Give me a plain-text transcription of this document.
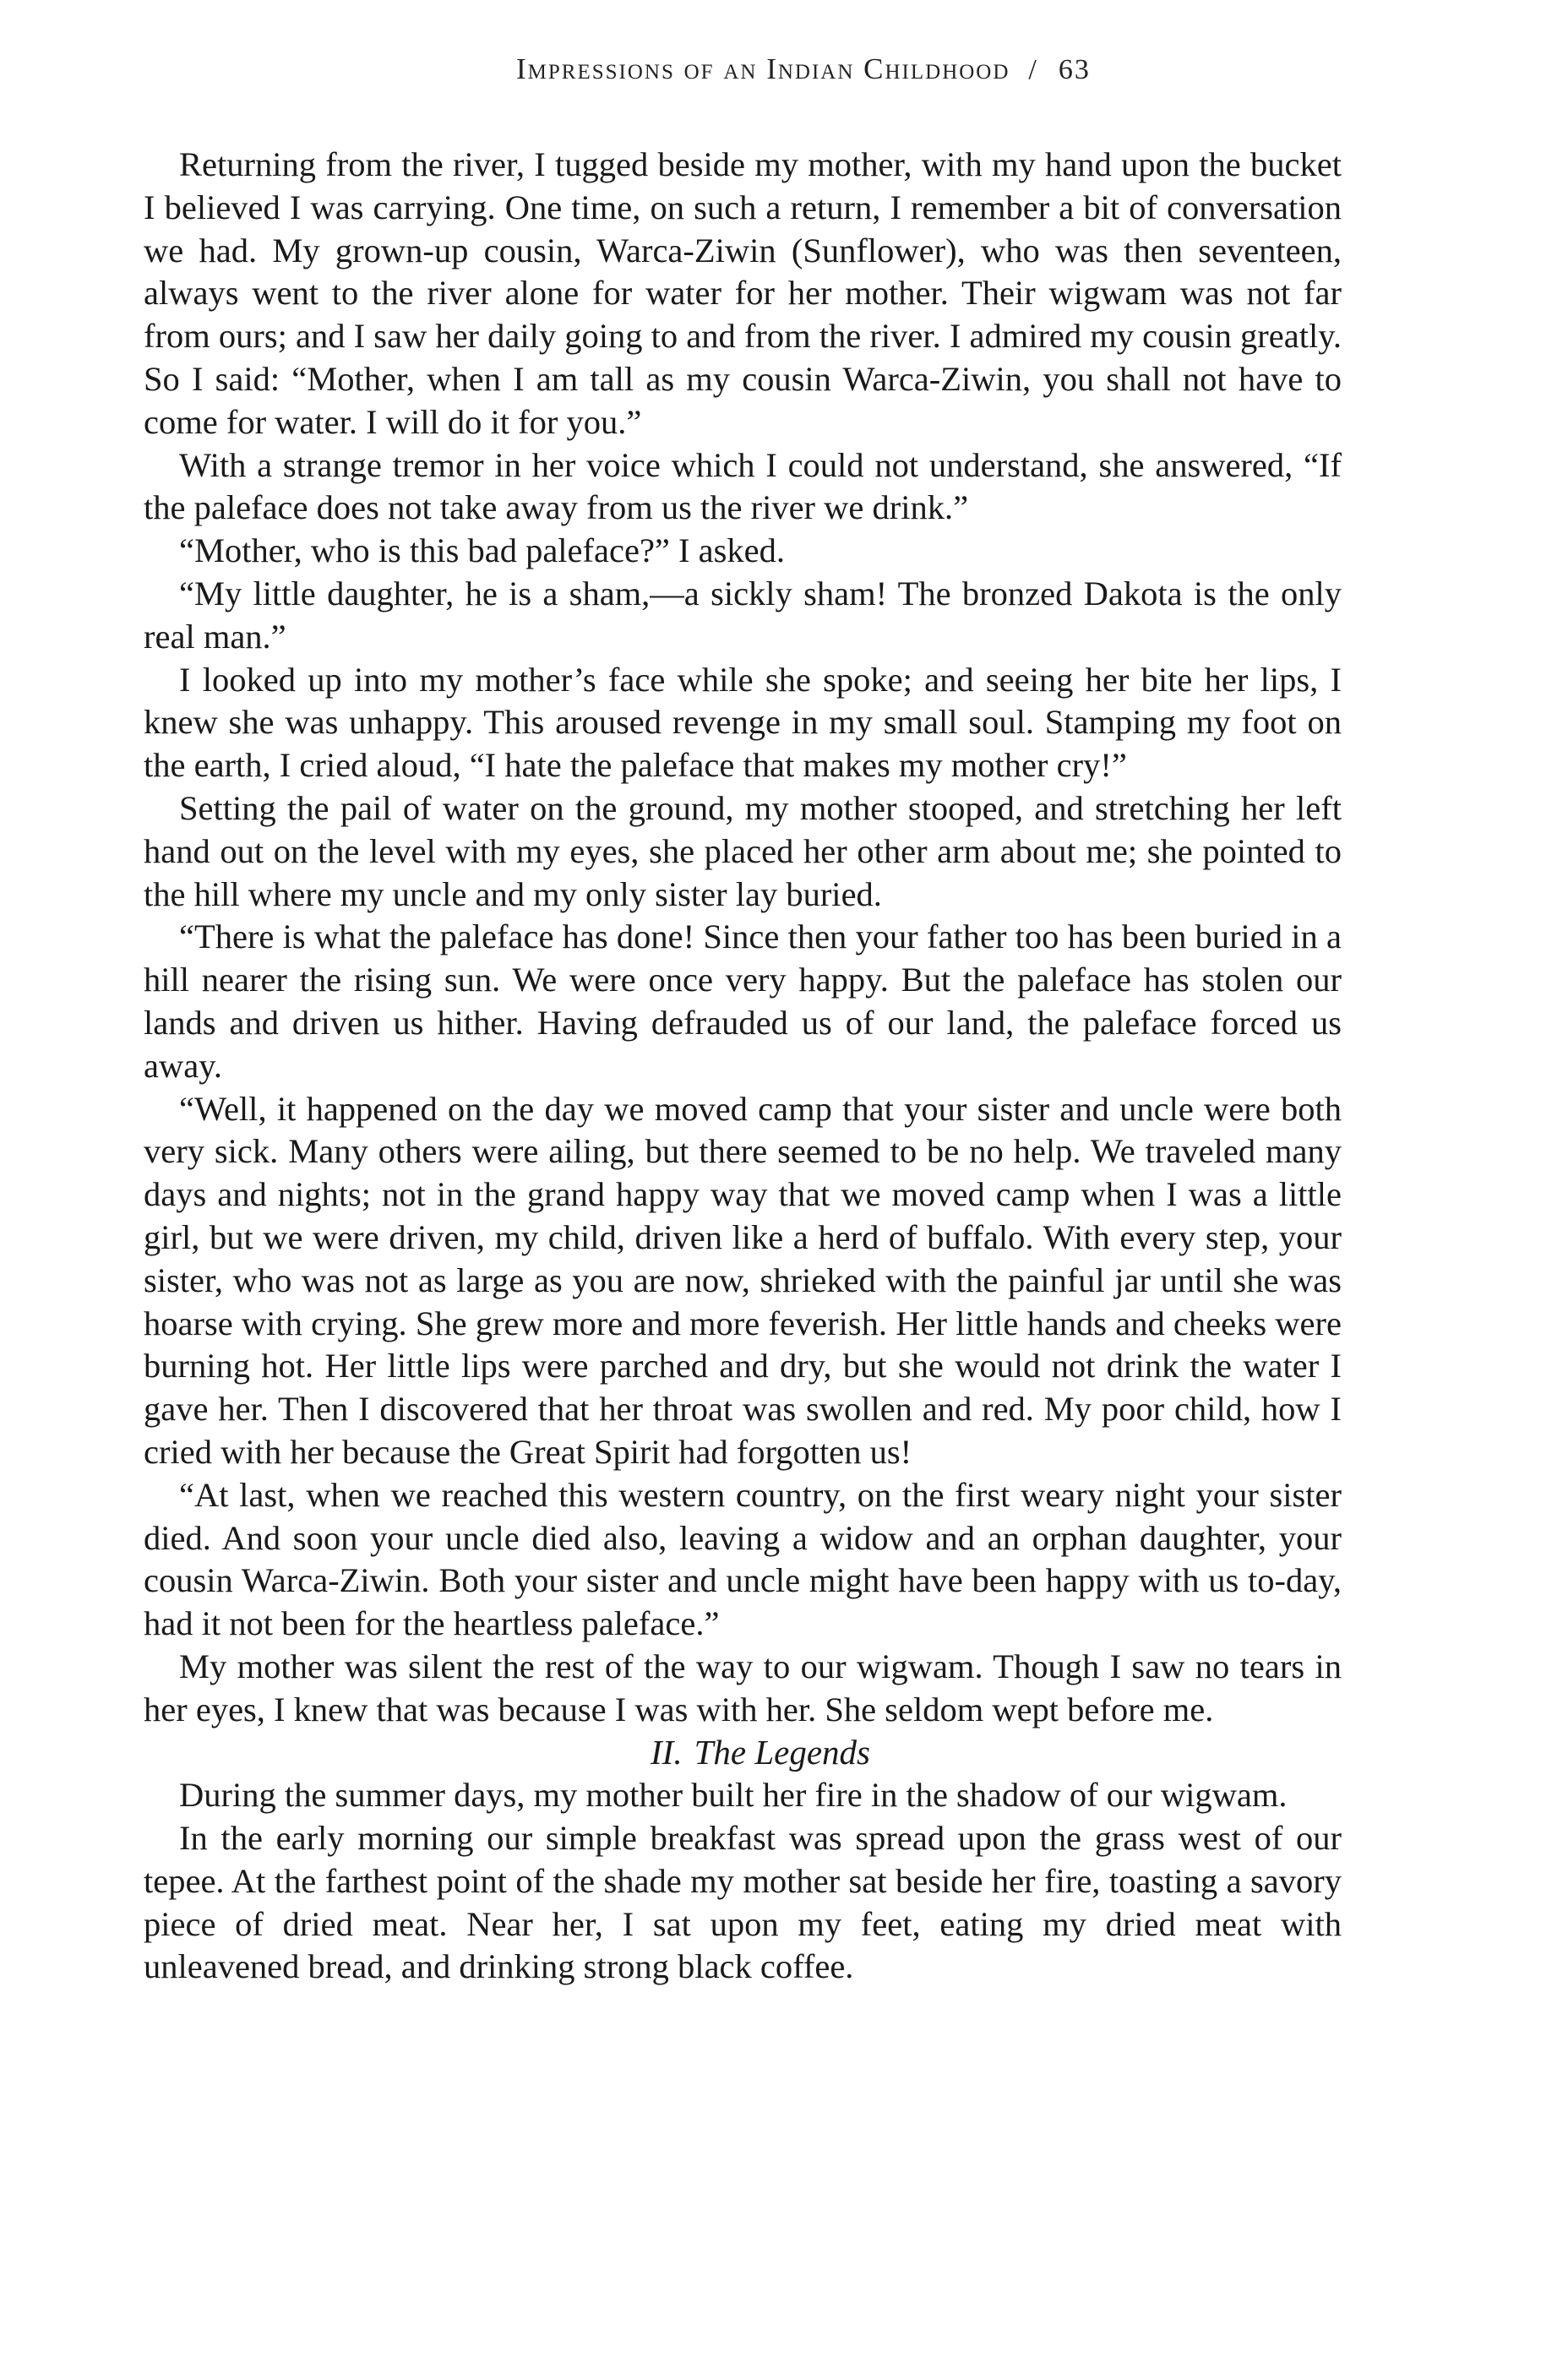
Impressions of an Indian Childhood / 63

Returning from the river, I tugged beside my mother, with my hand upon the bucket I believed I was carrying. One time, on such a return, I remember a bit of conversation we had. My grown-up cousin, Warca-Ziwin (Sunflower), who was then seventeen, always went to the river alone for water for her mother. Their wigwam was not far from ours; and I saw her daily going to and from the river. I admired my cousin greatly. So I said: “Mother, when I am tall as my cousin Warca-Ziwin, you shall not have to come for water. I will do it for you.”

With a strange tremor in her voice which I could not understand, she answered, “If the paleface does not take away from us the river we drink.”

“Mother, who is this bad paleface?” I asked.

“My little daughter, he is a sham,—a sickly sham! The bronzed Dakota is the only real man.”

I looked up into my mother’s face while she spoke; and seeing her bite her lips, I knew she was unhappy. This aroused revenge in my small soul. Stamping my foot on the earth, I cried aloud, “I hate the paleface that makes my mother cry!”

Setting the pail of water on the ground, my mother stooped, and stretching her left hand out on the level with my eyes, she placed her other arm about me; she pointed to the hill where my uncle and my only sister lay buried.

“There is what the paleface has done! Since then your father too has been buried in a hill nearer the rising sun. We were once very happy. But the paleface has stolen our lands and driven us hither. Having defrauded us of our land, the paleface forced us away.

“Well, it happened on the day we moved camp that your sister and uncle were both very sick. Many others were ailing, but there seemed to be no help. We traveled many days and nights; not in the grand happy way that we moved camp when I was a little girl, but we were driven, my child, driven like a herd of buffalo. With every step, your sister, who was not as large as you are now, shrieked with the painful jar until she was hoarse with crying. She grew more and more feverish. Her little hands and cheeks were burning hot. Her little lips were parched and dry, but she would not drink the water I gave her. Then I discovered that her throat was swollen and red. My poor child, how I cried with her because the Great Spirit had forgotten us!

“At last, when we reached this western country, on the first weary night your sister died. And soon your uncle died also, leaving a widow and an orphan daughter, your cousin Warca-Ziwin. Both your sister and uncle might have been happy with us to-day, had it not been for the heartless paleface.”

My mother was silent the rest of the way to our wigwam. Though I saw no tears in her eyes, I knew that was because I was with her. She seldom wept before me.

II. The Legends

During the summer days, my mother built her fire in the shadow of our wigwam.

In the early morning our simple breakfast was spread upon the grass west of our tepee. At the farthest point of the shade my mother sat beside her fire, toasting a savory piece of dried meat. Near her, I sat upon my feet, eating my dried meat with unleavened bread, and drinking strong black coffee.
